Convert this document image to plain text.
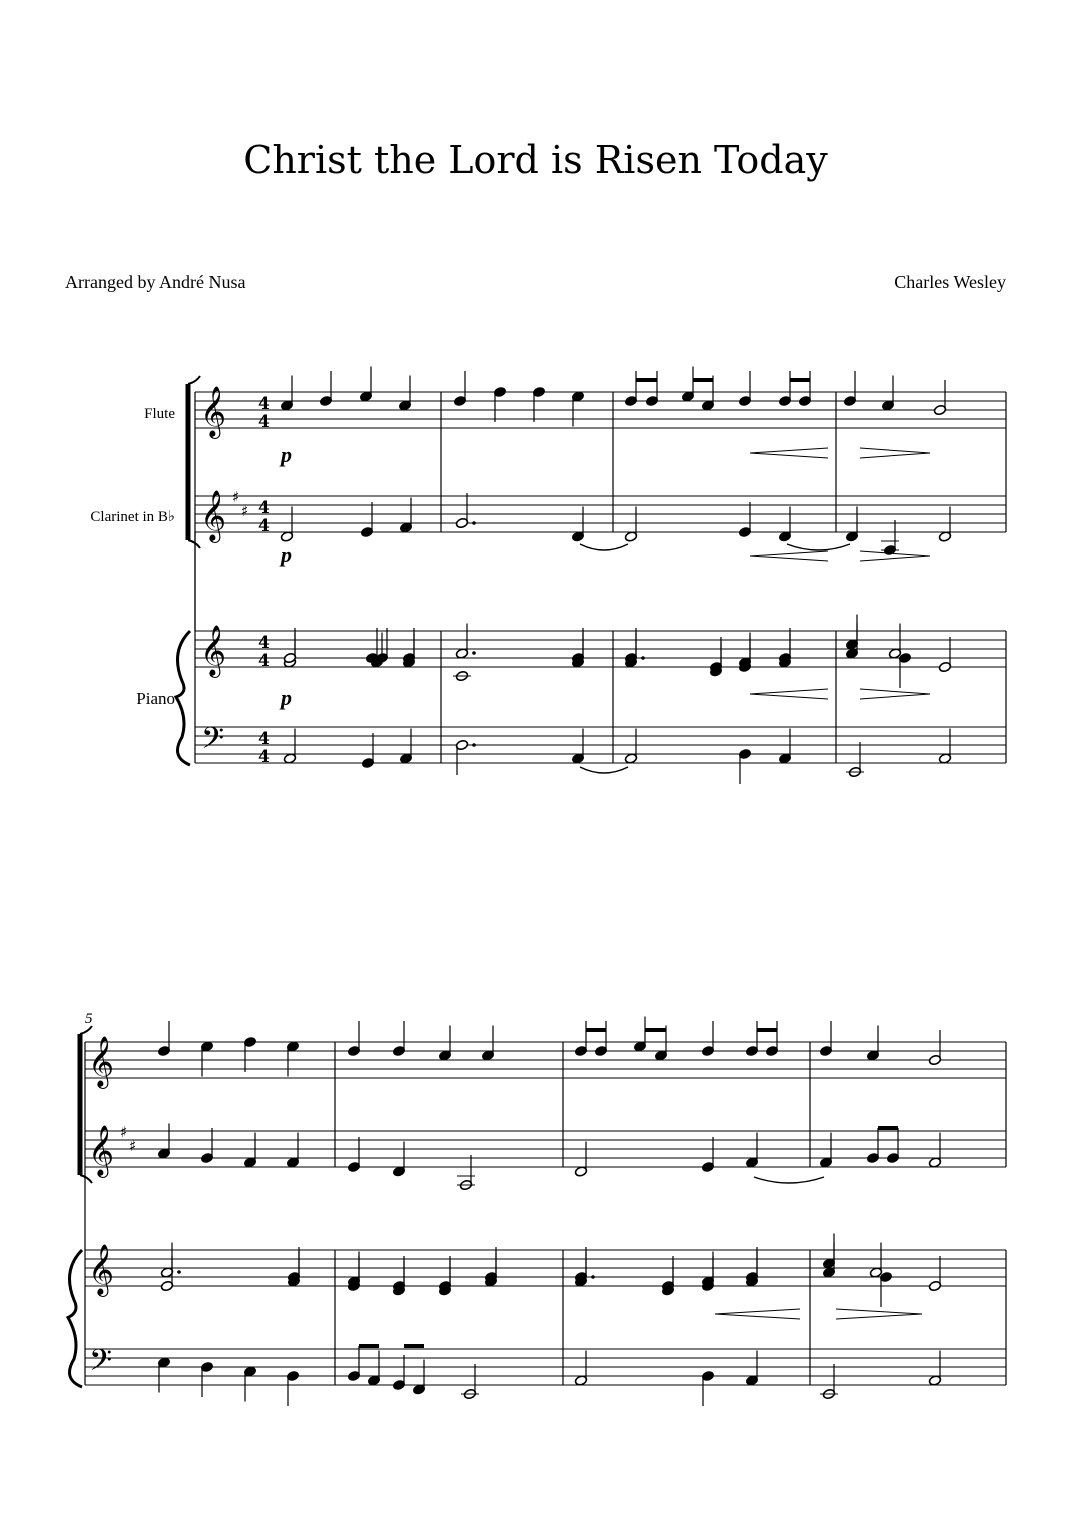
Christ the Lord is Risen Today
Arranged by André Nusa	Charles Wesley
𝄞 4
4
𝄞 ♯
♯ 4
4
𝄞 4
4
𝄢 4
4
𝄞
𝄞 ♯
♯
𝄞
𝄢
Flute
Clarinet in B♭
Piano
5
p
p
p
